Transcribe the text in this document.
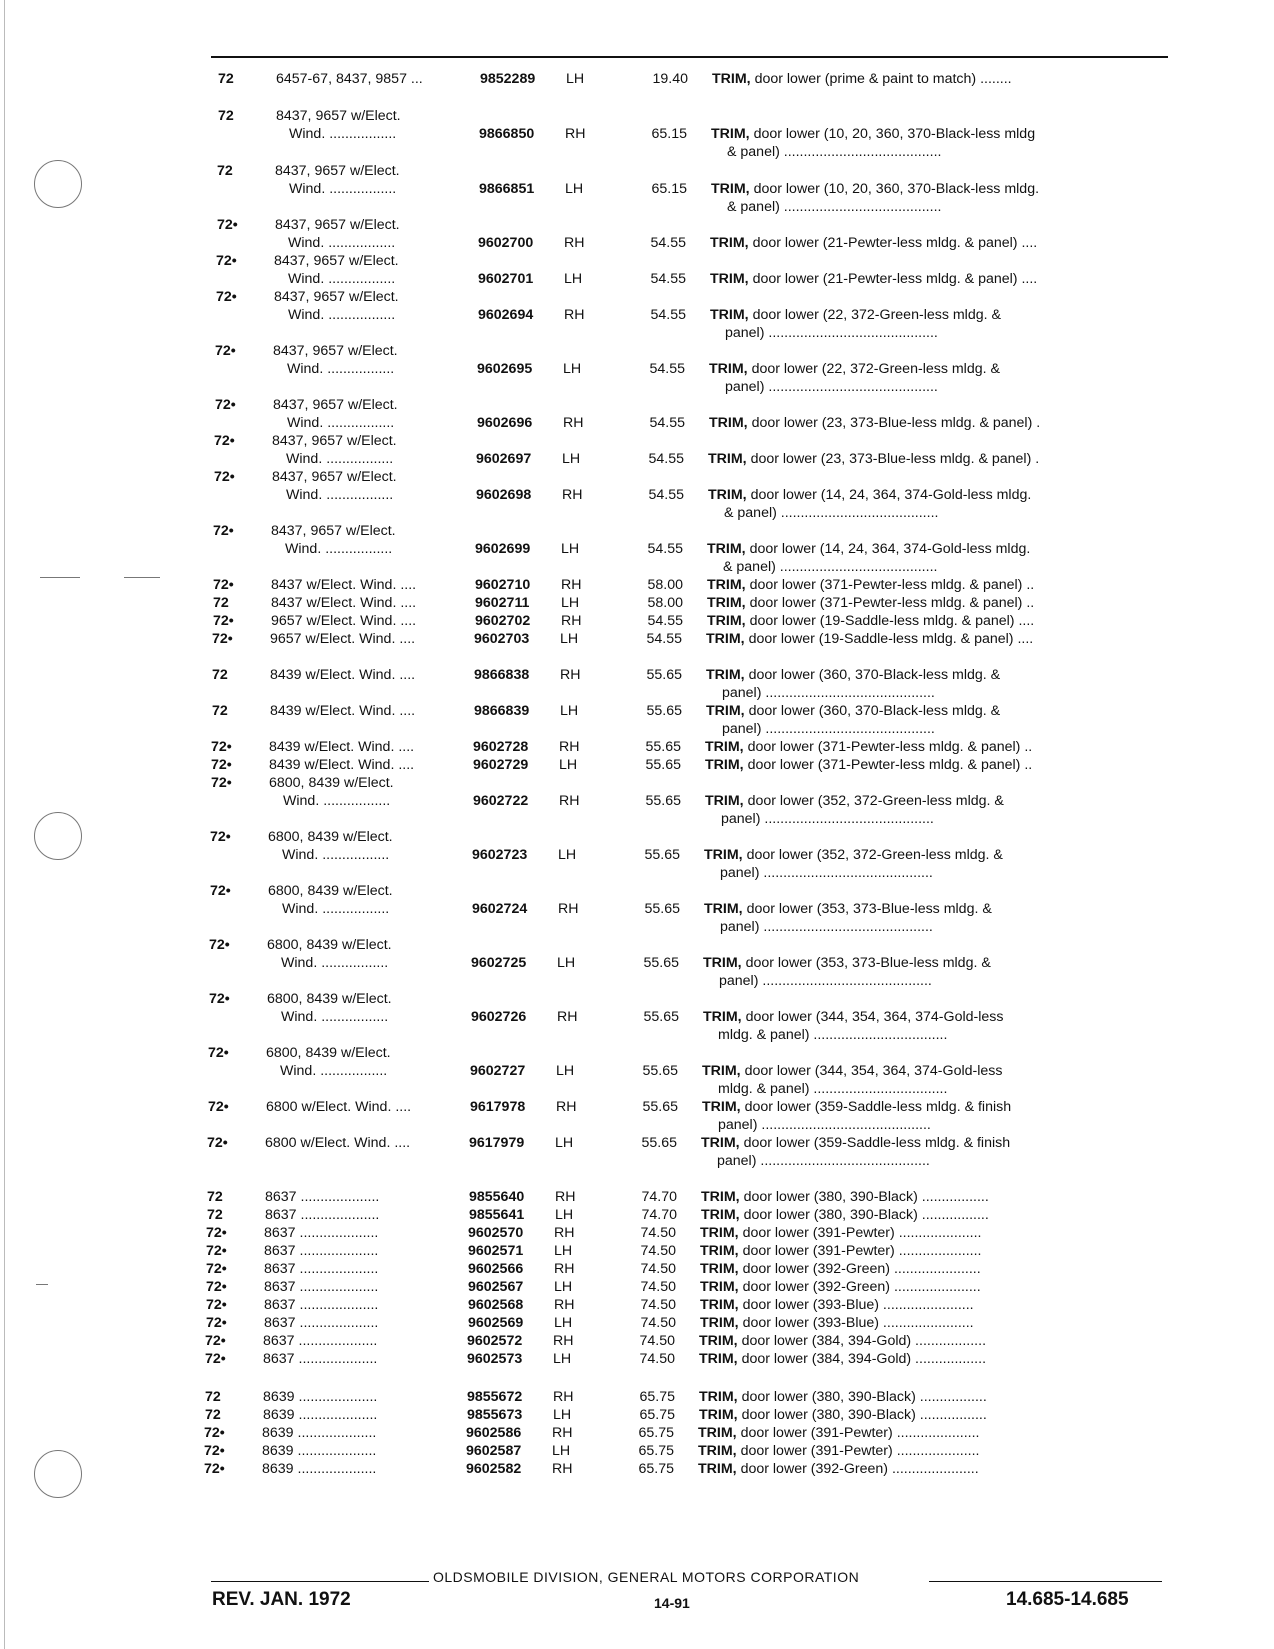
72	6457-67, 8437, 9857 ...	9852289	LH	19.40 TRIM, door lower (prime & paint to match) ........
72	8437, 9657 w/Elect.
Wind. .................	9866850	RH	65.15 TRIM, door lower (10, 20, 360, 370-Black-less mldg
& panel) ........................................
72	8437, 9657 w/Elect.
Wind. .................	9866851	LH	65.15 TRIM, door lower (10, 20, 360, 370-Black-less mldg.
& panel) ........................................
72•	8437, 9657 w/Elect.
Wind. .................	9602700	RH	54.55 TRIM, door lower (21-Pewter-less mldg. & panel) ....
72•	8437, 9657 w/Elect.
Wind. .................	9602701	LH	54.55 TRIM, door lower (21-Pewter-less mldg. & panel) ....
72•	8437, 9657 w/Elect.
Wind. .................	9602694	RH	54.55 TRIM, door lower (22, 372-Green-less mldg. &
panel) ...........................................
72•	8437, 9657 w/Elect.
Wind. .................	9602695	LH	54.55 TRIM, door lower (22, 372-Green-less mldg. &
panel) ...........................................
72•	8437, 9657 w/Elect.
Wind. .................	9602696	RH	54.55 TRIM, door lower (23, 373-Blue-less mldg. & panel) .
72•	8437, 9657 w/Elect.
Wind. .................	9602697	LH	54.55 TRIM, door lower (23, 373-Blue-less mldg. & panel) .
72•	8437, 9657 w/Elect.
Wind. .................	9602698	RH	54.55 TRIM, door lower (14, 24, 364, 374-Gold-less mldg.
& panel) ........................................
72•	8437, 9657 w/Elect.
Wind. .................	9602699	LH	54.55 TRIM, door lower (14, 24, 364, 374-Gold-less mldg.
& panel) ........................................
72•	8437 w/Elect. Wind. ....	9602710	RH	58.00 TRIM, door lower (371-Pewter-less mldg. & panel) ..
72	8437 w/Elect. Wind. ....	9602711	LH	58.00 TRIM, door lower (371-Pewter-less mldg. & panel) ..
72•	9657 w/Elect. Wind. ....	9602702	RH	54.55 TRIM, door lower (19-Saddle-less mldg. & panel) ....
72•	9657 w/Elect. Wind. ....	9602703	LH	54.55 TRIM, door lower (19-Saddle-less mldg. & panel) ....
72	8439 w/Elect. Wind. ....	9866838	RH	55.65 TRIM, door lower (360, 370-Black-less mldg. &
panel) ...........................................
72	8439 w/Elect. Wind. ....	9866839	LH	55.65 TRIM, door lower (360, 370-Black-less mldg. &
panel) ...........................................
72•	8439 w/Elect. Wind. ....	9602728	RH	55.65 TRIM, door lower (371-Pewter-less mldg. & panel) ..
72•	8439 w/Elect. Wind. ....	9602729	LH	55.65 TRIM, door lower (371-Pewter-less mldg. & panel) ..
72•	6800, 8439 w/Elect.
Wind. .................	9602722	RH	55.65 TRIM, door lower (352, 372-Green-less mldg. &
panel) ...........................................
72•	6800, 8439 w/Elect.
Wind. .................	9602723	LH	55.65 TRIM, door lower (352, 372-Green-less mldg. &
panel) ...........................................
72•	6800, 8439 w/Elect.
Wind. .................	9602724	RH	55.65 TRIM, door lower (353, 373-Blue-less mldg. &
panel) ...........................................
72•	6800, 8439 w/Elect.
Wind. .................	9602725	LH	55.65 TRIM, door lower (353, 373-Blue-less mldg. &
panel) ...........................................
72•	6800, 8439 w/Elect.
Wind. .................	9602726	RH	55.65 TRIM, door lower (344, 354, 364, 374-Gold-less
mldg. & panel) ..................................
72•	6800, 8439 w/Elect.
Wind. .................	9602727	LH	55.65 TRIM, door lower (344, 354, 364, 374-Gold-less
mldg. & panel) ..................................
72•	6800 w/Elect. Wind. ....	9617978	RH	55.65 TRIM, door lower (359-Saddle-less mldg. & finish
panel) ...........................................
72•	6800 w/Elect. Wind. ....	9617979	LH	55.65 TRIM, door lower (359-Saddle-less mldg. & finish
panel) ...........................................
72	8637 ....................	9855640	RH	74.70 TRIM, door lower (380, 390-Black) .................
72	8637 ....................	9855641	LH	74.70 TRIM, door lower (380, 390-Black) .................
72•	8637 ....................	9602570	RH	74.50 TRIM, door lower (391-Pewter) .....................
72•	8637 ....................	9602571	LH	74.50 TRIM, door lower (391-Pewter) .....................
72•	8637 ....................	9602566	RH	74.50 TRIM, door lower (392-Green) ......................
72•	8637 ....................	9602567	LH	74.50 TRIM, door lower (392-Green) ......................
72•	8637 ....................	9602568	RH	74.50 TRIM, door lower (393-Blue) .......................
72•	8637 ....................	9602569	LH	74.50 TRIM, door lower (393-Blue) .......................
72•	8637 ....................	9602572	RH	74.50 TRIM, door lower (384, 394-Gold) ..................
72•	8637 ....................	9602573	LH	74.50 TRIM, door lower (384, 394-Gold) ..................
72	8639 ....................	9855672	RH	65.75 TRIM, door lower (380, 390-Black) .................
72	8639 ....................	9855673	LH	65.75 TRIM, door lower (380, 390-Black) .................
72•	8639 ....................	9602586	RH	65.75 TRIM, door lower (391-Pewter) .....................
72•	8639 ....................	9602587	LH	65.75 TRIM, door lower (391-Pewter) .....................
72•	8639 ....................	9602582	RH	65.75 TRIM, door lower (392-Green) ......................
OLDSMOBILE DIVISION, GENERAL MOTORS CORPORATION
REV. JAN. 1972	14-91	14.685-14.685
